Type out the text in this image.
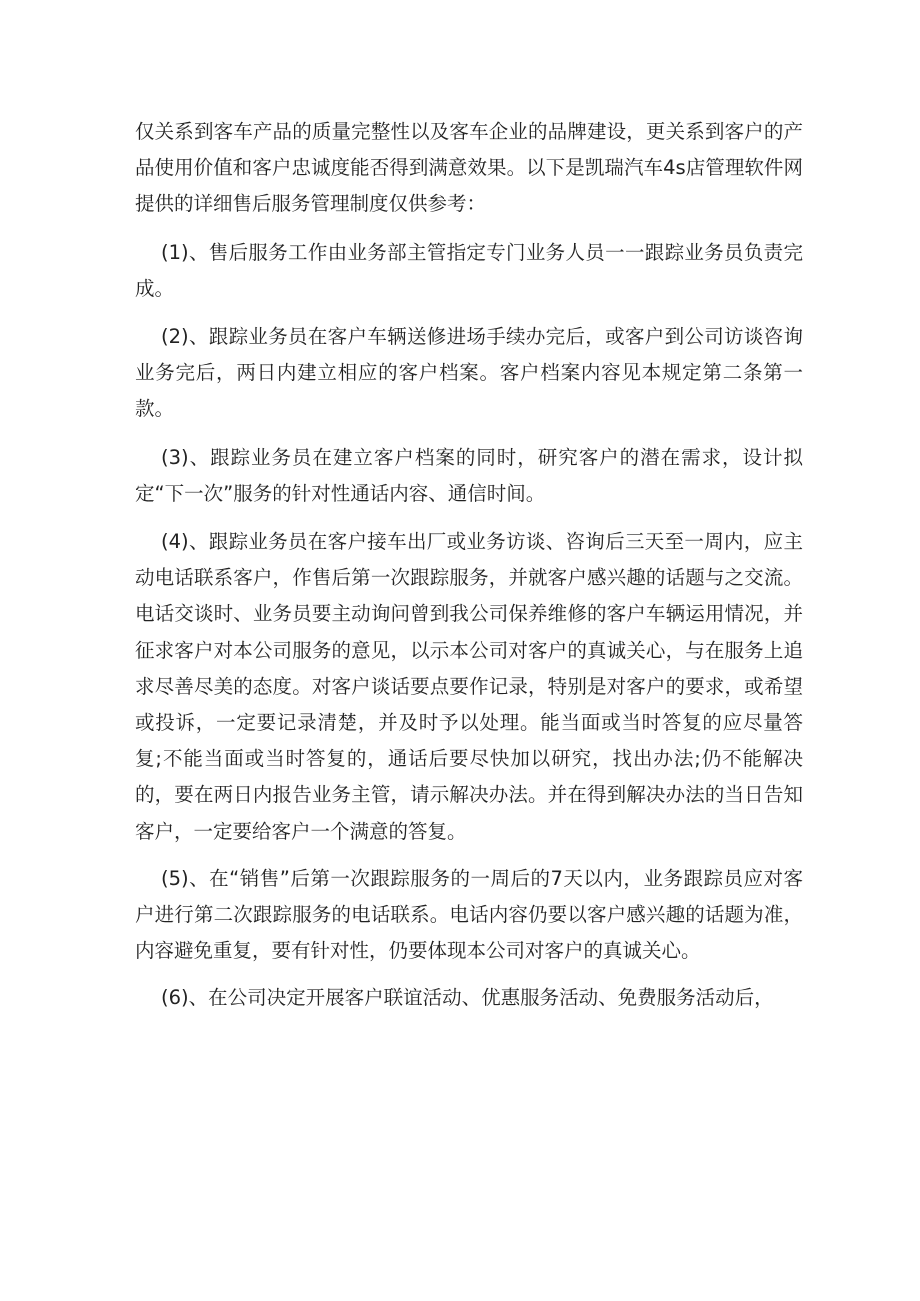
仅关系到客车产品的质量完整性以及客车企业的品牌建设，更关系到客户的产品使用价值和客户忠诚度能否得到满意效果。以下是凯瑞汽车4s店管理软件网提供的详细售后服务管理制度仅供参考：

(1)、售后服务工作由业务部主管指定专门业务人员一一跟踪业务员负责完成。

(2)、跟踪业务员在客户车辆送修进场手续办完后，或客户到公司访谈咨询业务完后，两日内建立相应的客户档案。客户档案内容见本规定第二条第一款。

(3)、跟踪业务员在建立客户档案的同时，研究客户的潜在需求，设计拟定“下一次”服务的针对性通话内容、通信时间。

(4)、跟踪业务员在客户接车出厂或业务访谈、咨询后三天至一周内，应主动电话联系客户，作售后第一次跟踪服务，并就客户感兴趣的话题与之交流。电话交谈时、业务员要主动询问曾到我公司保养维修的客户车辆运用情况，并征求客户对本公司服务的意见，以示本公司对客户的真诚关心，与在服务上追求尽善尽美的态度。对客户谈话要点要作记录，特别是对客户的要求，或希望或投诉，一定要记录清楚，并及时予以处理。能当面或当时答复的应尽量答复;不能当面或当时答复的，通话后要尽快加以研究，找出办法;仍不能解决的，要在两日内报告业务主管，请示解决办法。并在得到解决办法的当日告知客户，一定要给客户一个满意的答复。

(5)、在“销售”后第一次跟踪服务的一周后的7天以内，业务跟踪员应对客户进行第二次跟踪服务的电话联系。电话内容仍要以客户感兴趣的话题为准，内容避免重复，要有针对性，仍要体现本公司对客户的真诚关心。

(6)、在公司决定开展客户联谊活动、优惠服务活动、免费服务活动后，
